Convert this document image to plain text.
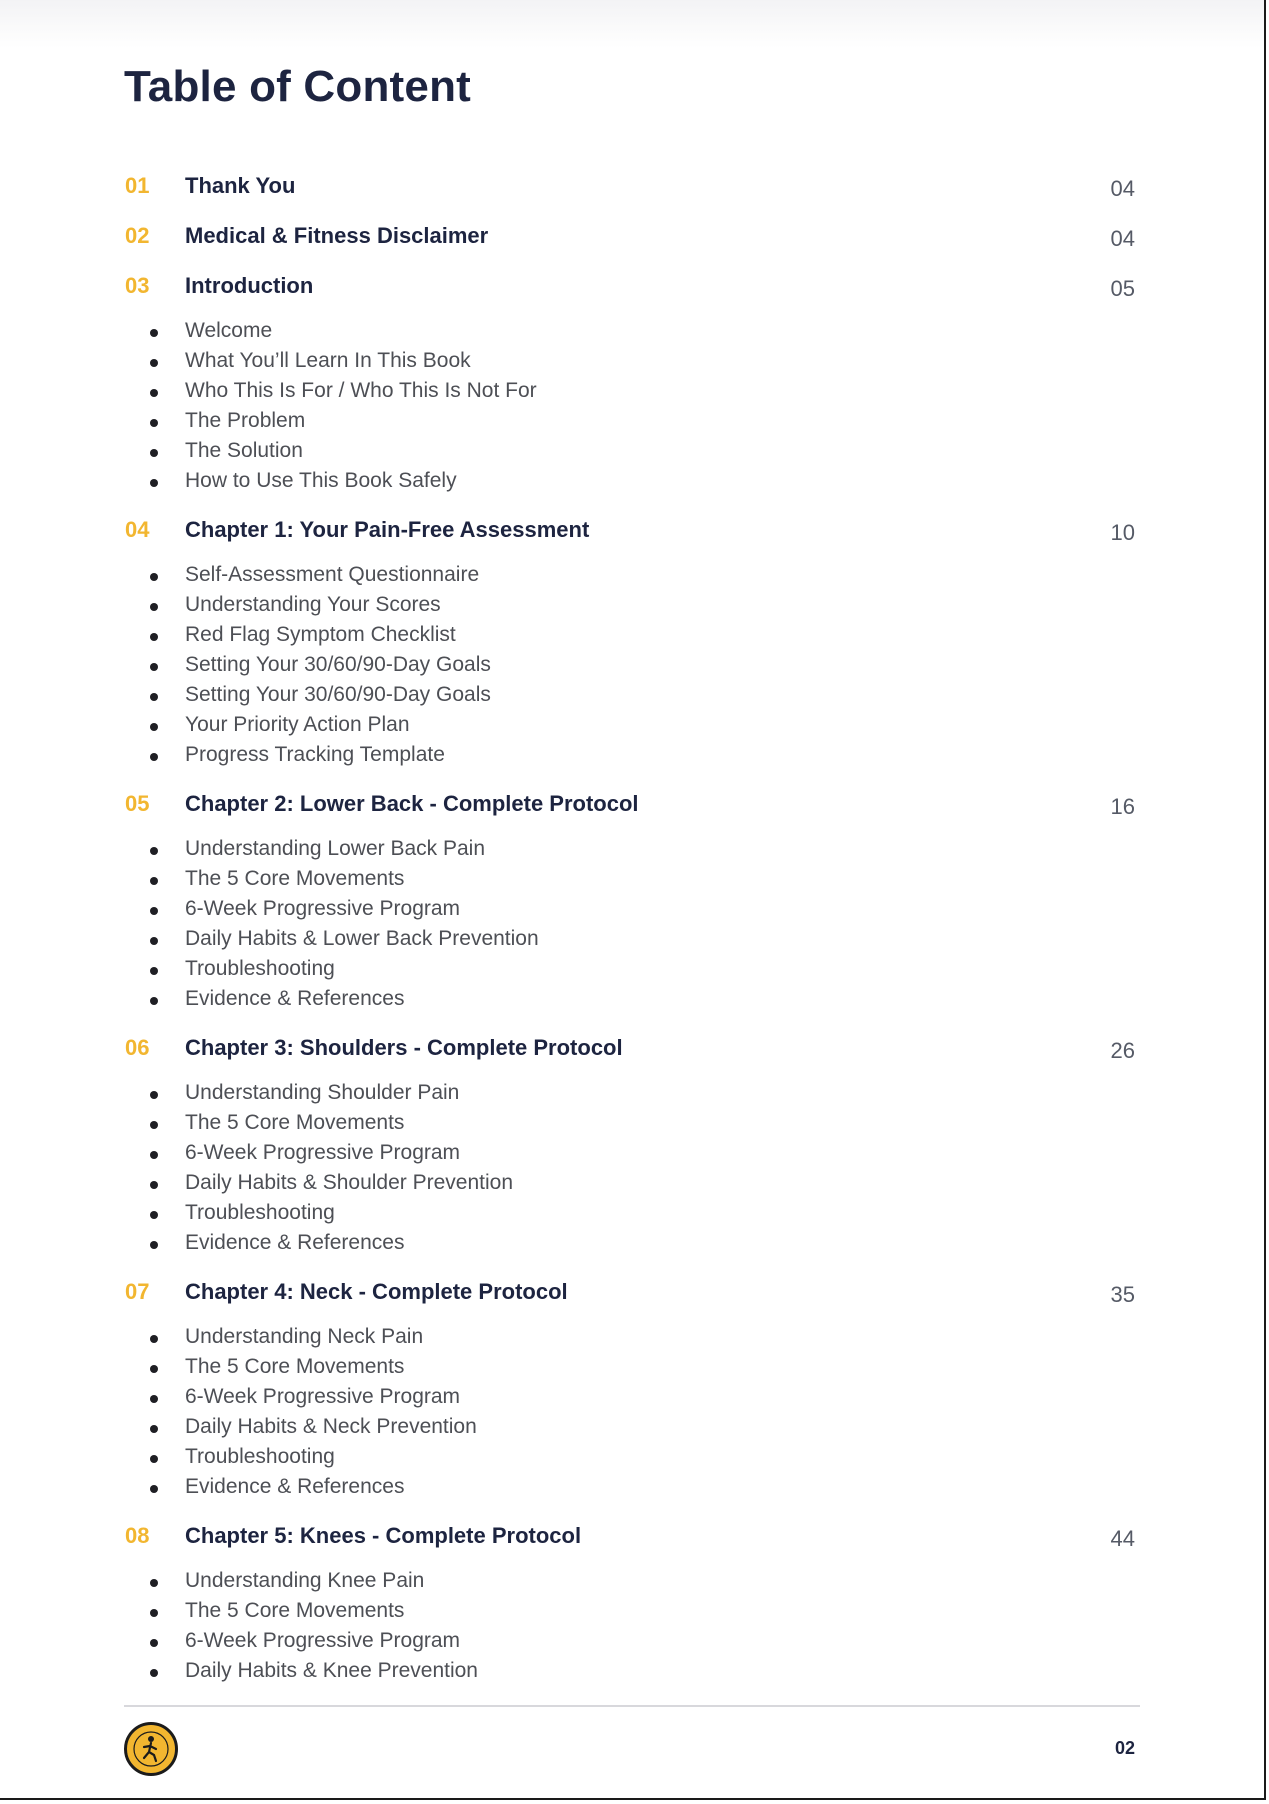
Table of Content
01 Thank You	04
02 Medical & Fitness Disclaimer	04
03 Introduction	05
Welcome
What You’ll Learn In This Book
Who This Is For / Who This Is Not For
The Problem
The Solution
How to Use This Book Safely
04 Chapter 1: Your Pain-Free Assessment	10
Self-Assessment Questionnaire
Understanding Your Scores
Red Flag Symptom Checklist
Setting Your 30/60/90-Day Goals
Setting Your 30/60/90-Day Goals
Your Priority Action Plan
Progress Tracking Template
05 Chapter 2: Lower Back - Complete Protocol	16
Understanding Lower Back Pain
The 5 Core Movements
6-Week Progressive Program
Daily Habits & Lower Back Prevention
Troubleshooting
Evidence & References
06 Chapter 3: Shoulders - Complete Protocol	26
Understanding Shoulder Pain
The 5 Core Movements
6-Week Progressive Program
Daily Habits & Shoulder Prevention
Troubleshooting
Evidence & References
07 Chapter 4: Neck - Complete Protocol	35
Understanding Neck Pain
The 5 Core Movements
6-Week Progressive Program
Daily Habits & Neck Prevention
Troubleshooting
Evidence & References
08 Chapter 5: Knees - Complete Protocol	44
Understanding Knee Pain
The 5 Core Movements
6-Week Progressive Program
Daily Habits & Knee Prevention
02
